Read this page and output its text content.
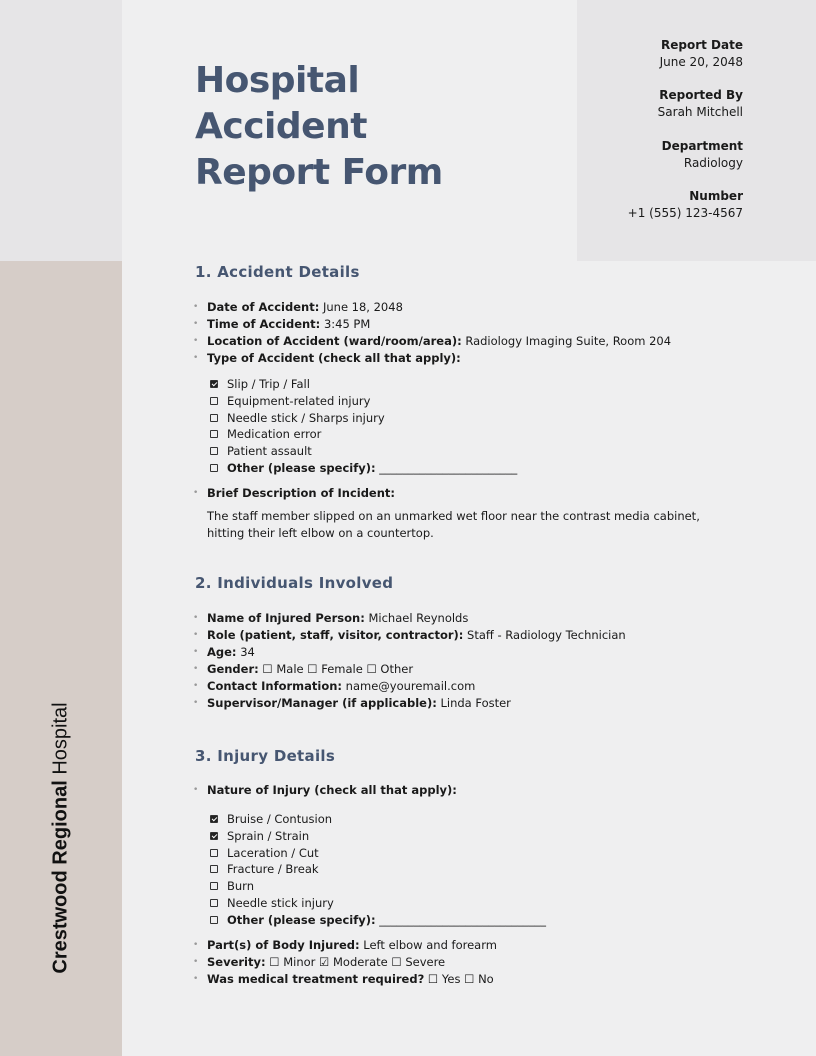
Crestwood Regional Hospital
Report Date
June 20, 2048
Reported By
Sarah Mitchell
Department
Radiology
Number
+1 (555) 123-4567
Hospital
Accident
Report Form
1. Accident Details
• Date of Accident: June 18, 2048
• Time of Accident: 3:45 PM
• Location of Accident (ward/room/area): Radiology Imaging Suite, Room 204
• Type of Accident (check all that apply):
Slip / Trip / Fall
Equipment-related injury
Needle stick / Sharps injury
Medication error
Patient assault
Other (please specify): ________________________
• Brief Description of Incident:

The staff member slipped on an unmarked wet floor near the contrast media cabinet, hitting their left elbow on a countertop.

2. Individuals Involved
• Name of Injured Person: Michael Reynolds
• Role (patient, staff, visitor, contractor): Staff - Radiology Technician
• Age: 34
• Gender: ☐ Male ☐ Female ☐ Other
• Contact Information: name@youremail.com
• Supervisor/Manager (if applicable): Linda Foster
3. Injury Details
• Nature of Injury (check all that apply):
Bruise / Contusion
Sprain / Strain
Laceration / Cut
Fracture / Break
Burn
Needle stick injury
Other (please specify): _____________________________
• Part(s) of Body Injured: Left elbow and forearm
• Severity: ☐ Minor ☑ Moderate ☐ Severe
• Was medical treatment required? ☐ Yes ☐ No
